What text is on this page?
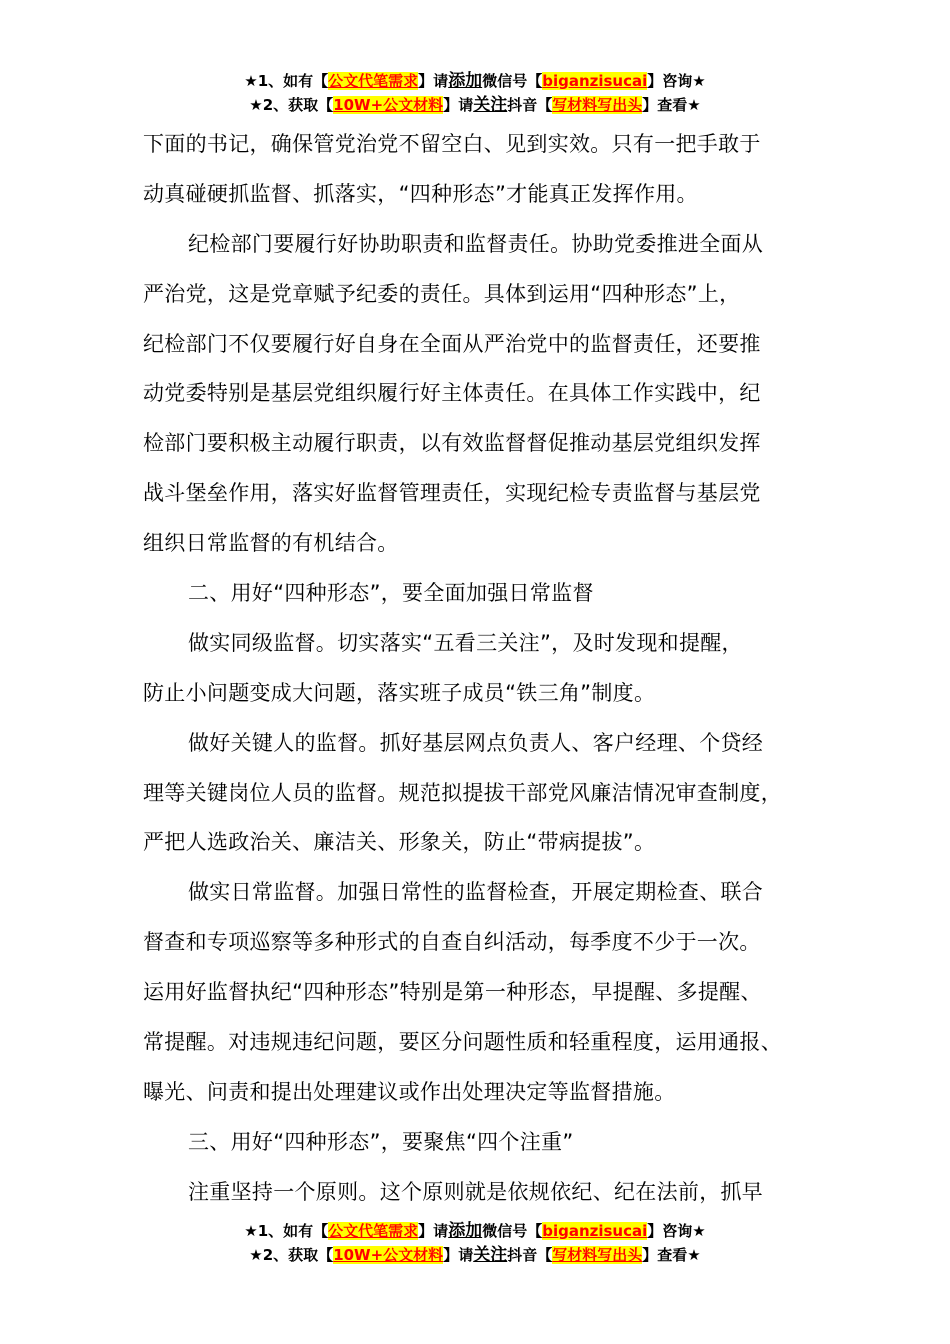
★1、如有【公文代笔需求】请添加微信号【biganzisucai】咨询★
★2、获取【10W+公文材料】请关注抖音【写材料写出头】查看★
下面的书记，确保管党治党不留空白、见到实效。只有一把手敢于
动真碰硬抓监督、抓落实，“四种形态”才能真正发挥作用。
纪检部门要履行好协助职责和监督责任。协助党委推进全面从
严治党，这是党章赋予纪委的责任。具体到运用“四种形态”上，
纪检部门不仅要履行好自身在全面从严治党中的监督责任，还要推
动党委特别是基层党组织履行好主体责任。在具体工作实践中，纪
检部门要积极主动履行职责，以有效监督督促推动基层党组织发挥
战斗堡垒作用，落实好监督管理责任，实现纪检专责监督与基层党
组织日常监督的有机结合。
二、用好“四种形态”，要全面加强日常监督
做实同级监督。切实落实“五看三关注”，及时发现和提醒，
防止小问题变成大问题，落实班子成员“铁三角”制度。
做好关键人的监督。抓好基层网点负责人、客户经理、个贷经
理等关键岗位人员的监督。规范拟提拔干部党风廉洁情况审查制度，
严把人选政治关、廉洁关、形象关，防止“带病提拔”。
做实日常监督。加强日常性的监督检查，开展定期检查、联合
督查和专项巡察等多种形式的自查自纠活动，每季度不少于一次。
运用好监督执纪“四种形态”特别是第一种形态，早提醒、多提醒、
常提醒。对违规违纪问题，要区分问题性质和轻重程度，运用通报、
曝光、问责和提出处理建议或作出处理决定等监督措施。
三、用好“四种形态”，要聚焦“四个注重”
注重坚持一个原则。这个原则就是依规依纪、纪在法前，抓早
★1、如有【公文代笔需求】请添加微信号【biganzisucai】咨询★
★2、获取【10W+公文材料】请关注抖音【写材料写出头】查看★
